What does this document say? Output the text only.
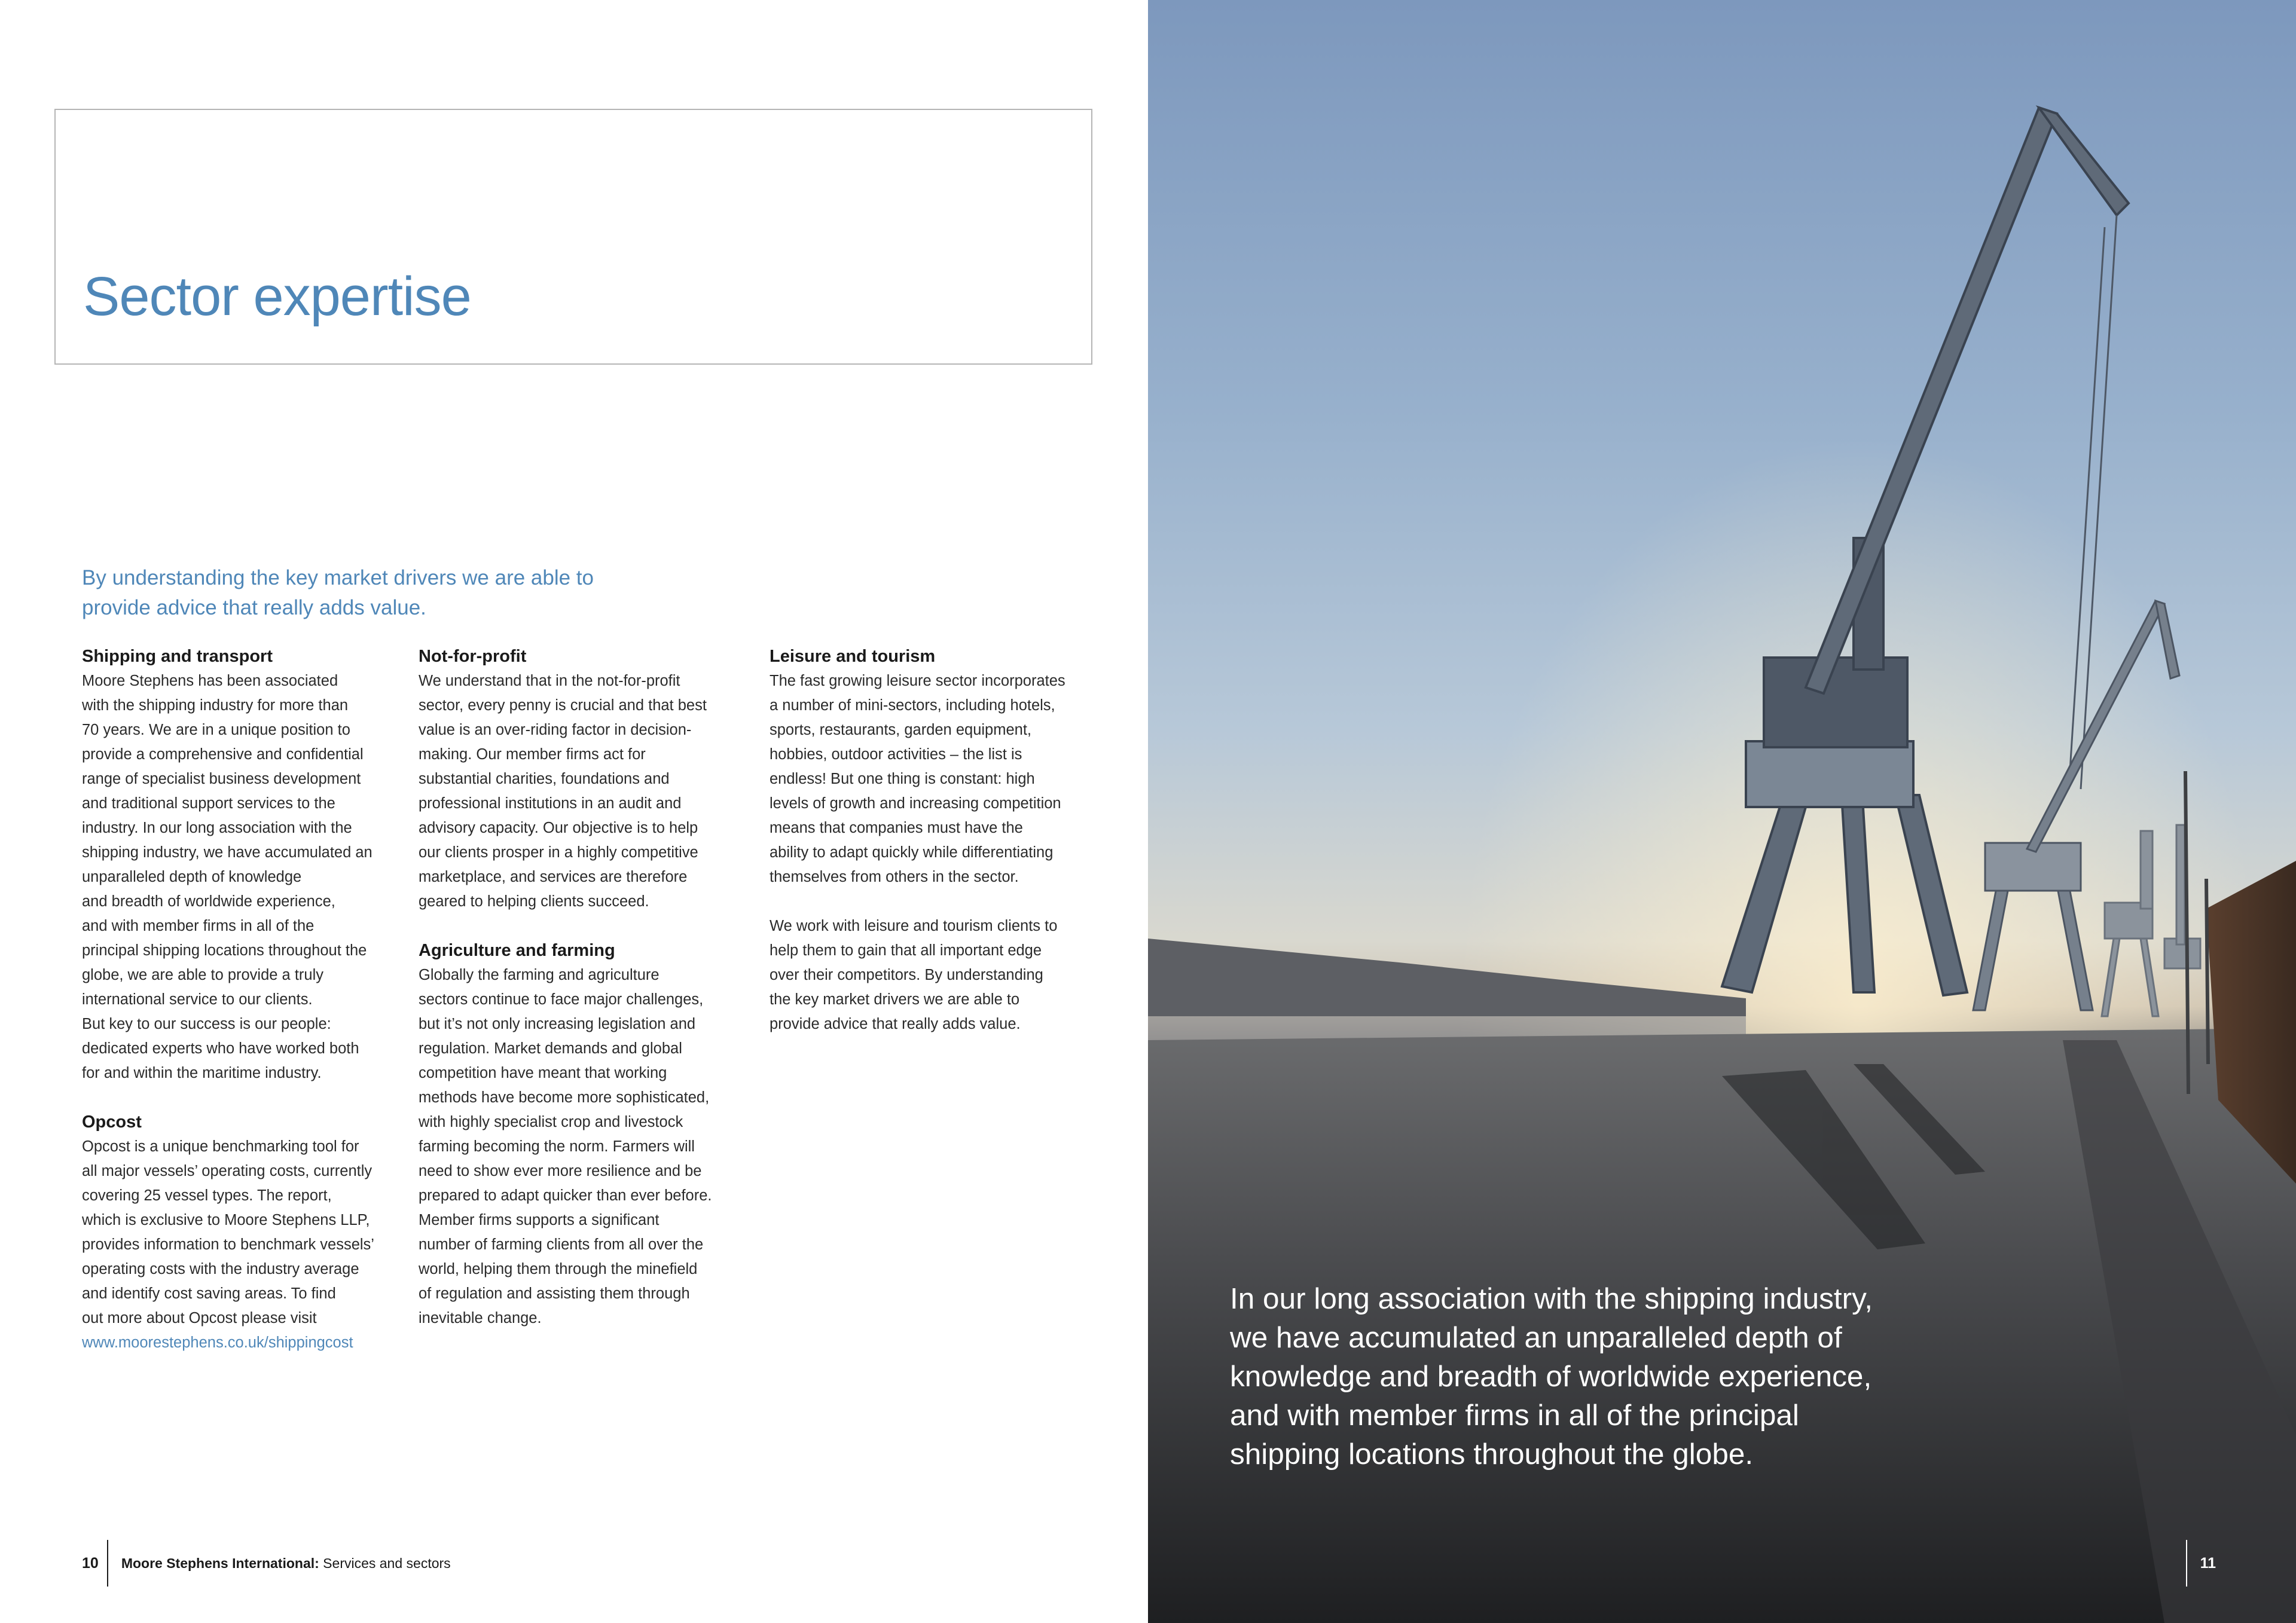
Sector expertise
By understanding the key market drivers we are able to
provide advice that really adds value.
Shipping and transport

Moore Stephens has been associated
with the shipping industry for more than
70 years. We are in a unique position to
provide a comprehensive and confidential
range of specialist business development
and traditional support services to the
industry. In our long association with the
shipping industry, we have accumulated an
unparalleled depth of knowledge
and breadth of worldwide experience,
and with member firms in all of the
principal shipping locations throughout the
globe, we are able to provide a truly
international service to our clients.
But key to our success is our people:
dedicated experts who have worked both
for and within the maritime industry.

Opcost

Opcost is a unique benchmarking tool for
all major vessels’ operating costs, currently
covering 25 vessel types. The report,
which is exclusive to Moore Stephens LLP,
provides information to benchmark vessels’
operating costs with the industry average
and identify cost saving areas. To find
out more about Opcost please visit
www.moorestephens.co.uk/shippingcost

Not-for-profit

We understand that in the not-for-profit
sector, every penny is crucial and that best
value is an over-riding factor in decision-
making. Our member firms act for
substantial charities, foundations and
professional institutions in an audit and
advisory capacity. Our objective is to help
our clients prosper in a highly competitive
marketplace, and services are therefore
geared to helping clients succeed.

Agriculture and farming

Globally the farming and agriculture
sectors continue to face major challenges,
but it’s not only increasing legislation and
regulation. Market demands and global
competition have meant that working
methods have become more sophisticated,
with highly specialist crop and livestock
farming becoming the norm. Farmers will
need to show ever more resilience and be
prepared to adapt quicker than ever before.
Member firms supports a significant
number of farming clients from all over the
world, helping them through the minefield
of regulation and assisting them through
inevitable change.

Leisure and tourism

The fast growing leisure sector incorporates
a number of mini-sectors, including hotels,
sports, restaurants, garden equipment,
hobbies, outdoor activities – the list is
endless! But one thing is constant: high
levels of growth and increasing competition
means that companies must have the
ability to adapt quickly while differentiating
themselves from others in the sector.

We work with leisure and tourism clients to
help them to gain that all important edge
over their competitors. By understanding
the key market drivers we are able to
provide advice that really adds value.

10 Moore Stephens International: Services and sectors
In our long association with the shipping industry,
we have accumulated an unparalleled depth of
knowledge and breadth of worldwide experience,
and with member firms in all of the principal
shipping locations throughout the globe.
11
